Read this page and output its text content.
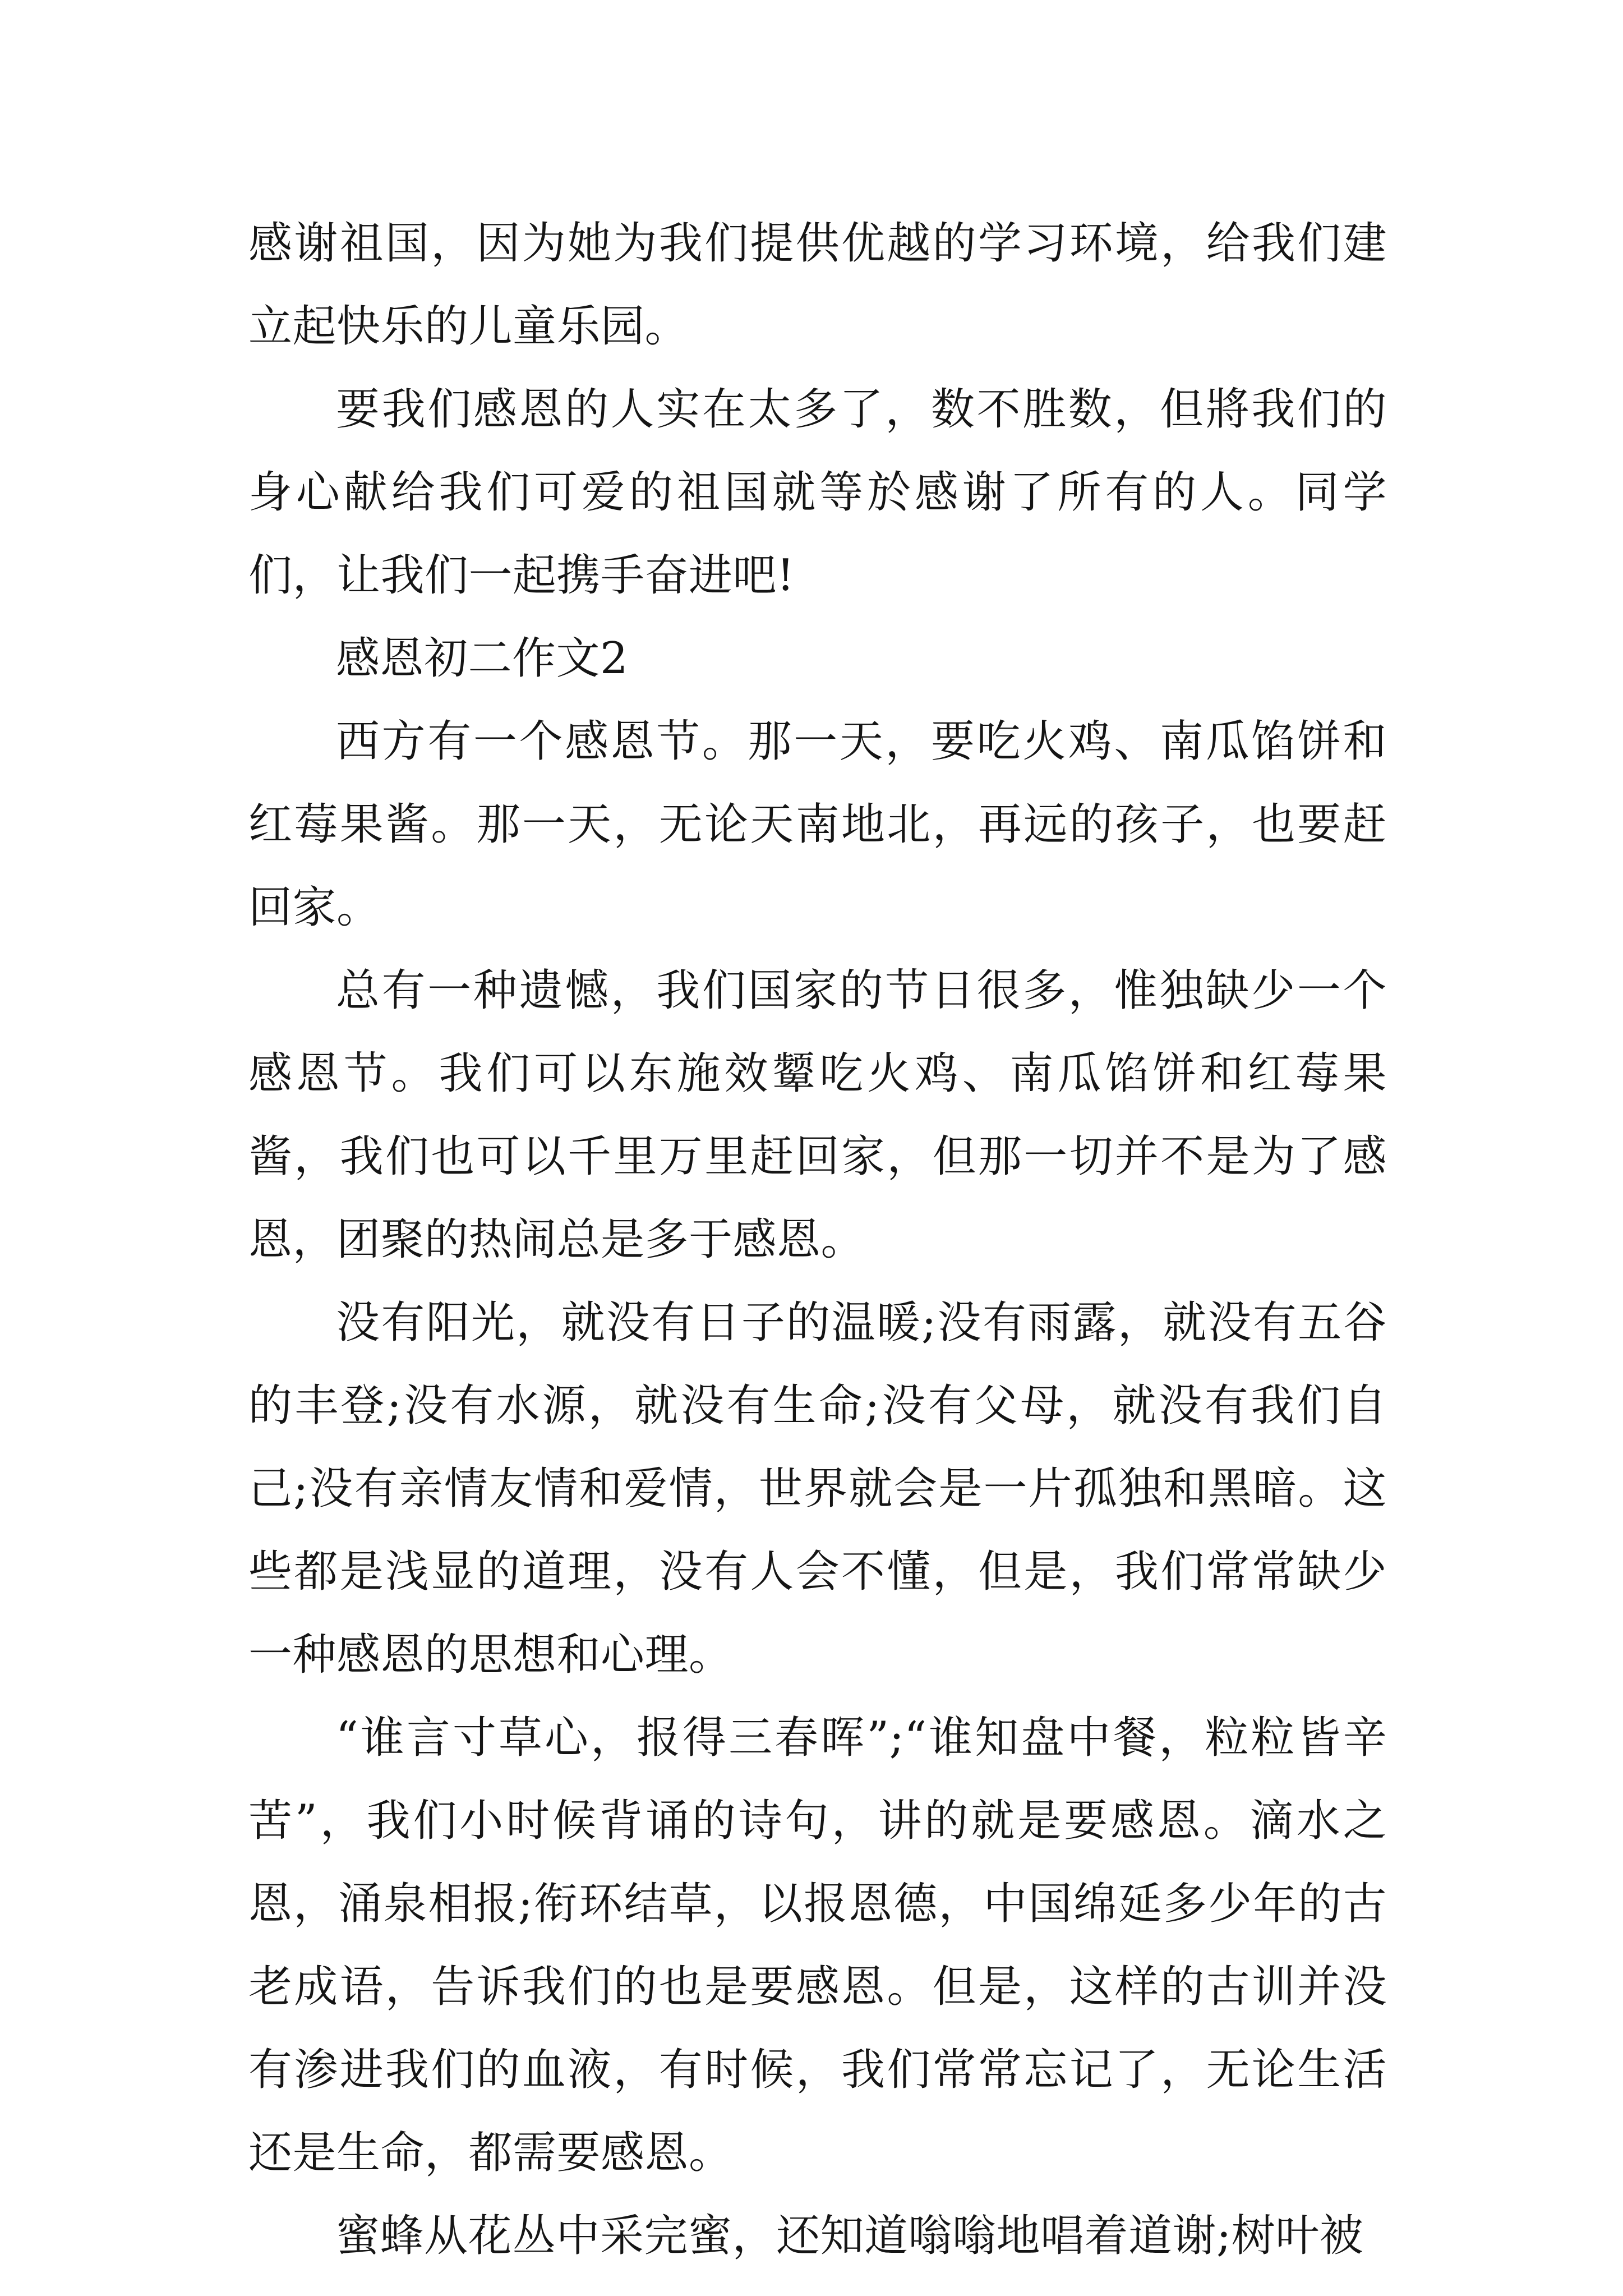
感谢祖国，因为她为我们提供优越的学习环境，给我们建立起快乐的儿童乐园。

要我们感恩的人实在太多了，数不胜数，但將我们的身心献给我们可爱的祖国就等於感谢了所有的人。同学们，让我们一起携手奋进吧!

感恩初二作文2

西方有一个感恩节。那一天，要吃火鸡、南瓜馅饼和红莓果酱。那一天，无论天南地北，再远的孩子，也要赶回家。

总有一种遗憾，我们国家的节日很多，惟独缺少一个感恩节。我们可以东施效颦吃火鸡、南瓜馅饼和红莓果酱，我们也可以千里万里赶回家，但那一切并不是为了感恩，团聚的热闹总是多于感恩。

没有阳光，就没有日子的温暖;没有雨露，就没有五谷的丰登;没有水源，就没有生命;没有父母，就没有我们自己;没有亲情友情和爱情，世界就会是一片孤独和黑暗。这些都是浅显的道理，没有人会不懂，但是，我们常常缺少一种感恩的思想和心理。

“谁言寸草心，报得三春晖”;“谁知盘中餐，粒粒皆辛苦”，我们小时候背诵的诗句，讲的就是要感恩。滴水之恩，涌泉相报;衔环结草，以报恩德，中国绵延多少年的古老成语，告诉我们的也是要感恩。但是，这样的古训并没有渗进我们的血液，有时候，我们常常忘记了，无论生活还是生命，都需要感恩。

蜜蜂从花丛中采完蜜，还知道嗡嗡地唱着道谢;树叶被
